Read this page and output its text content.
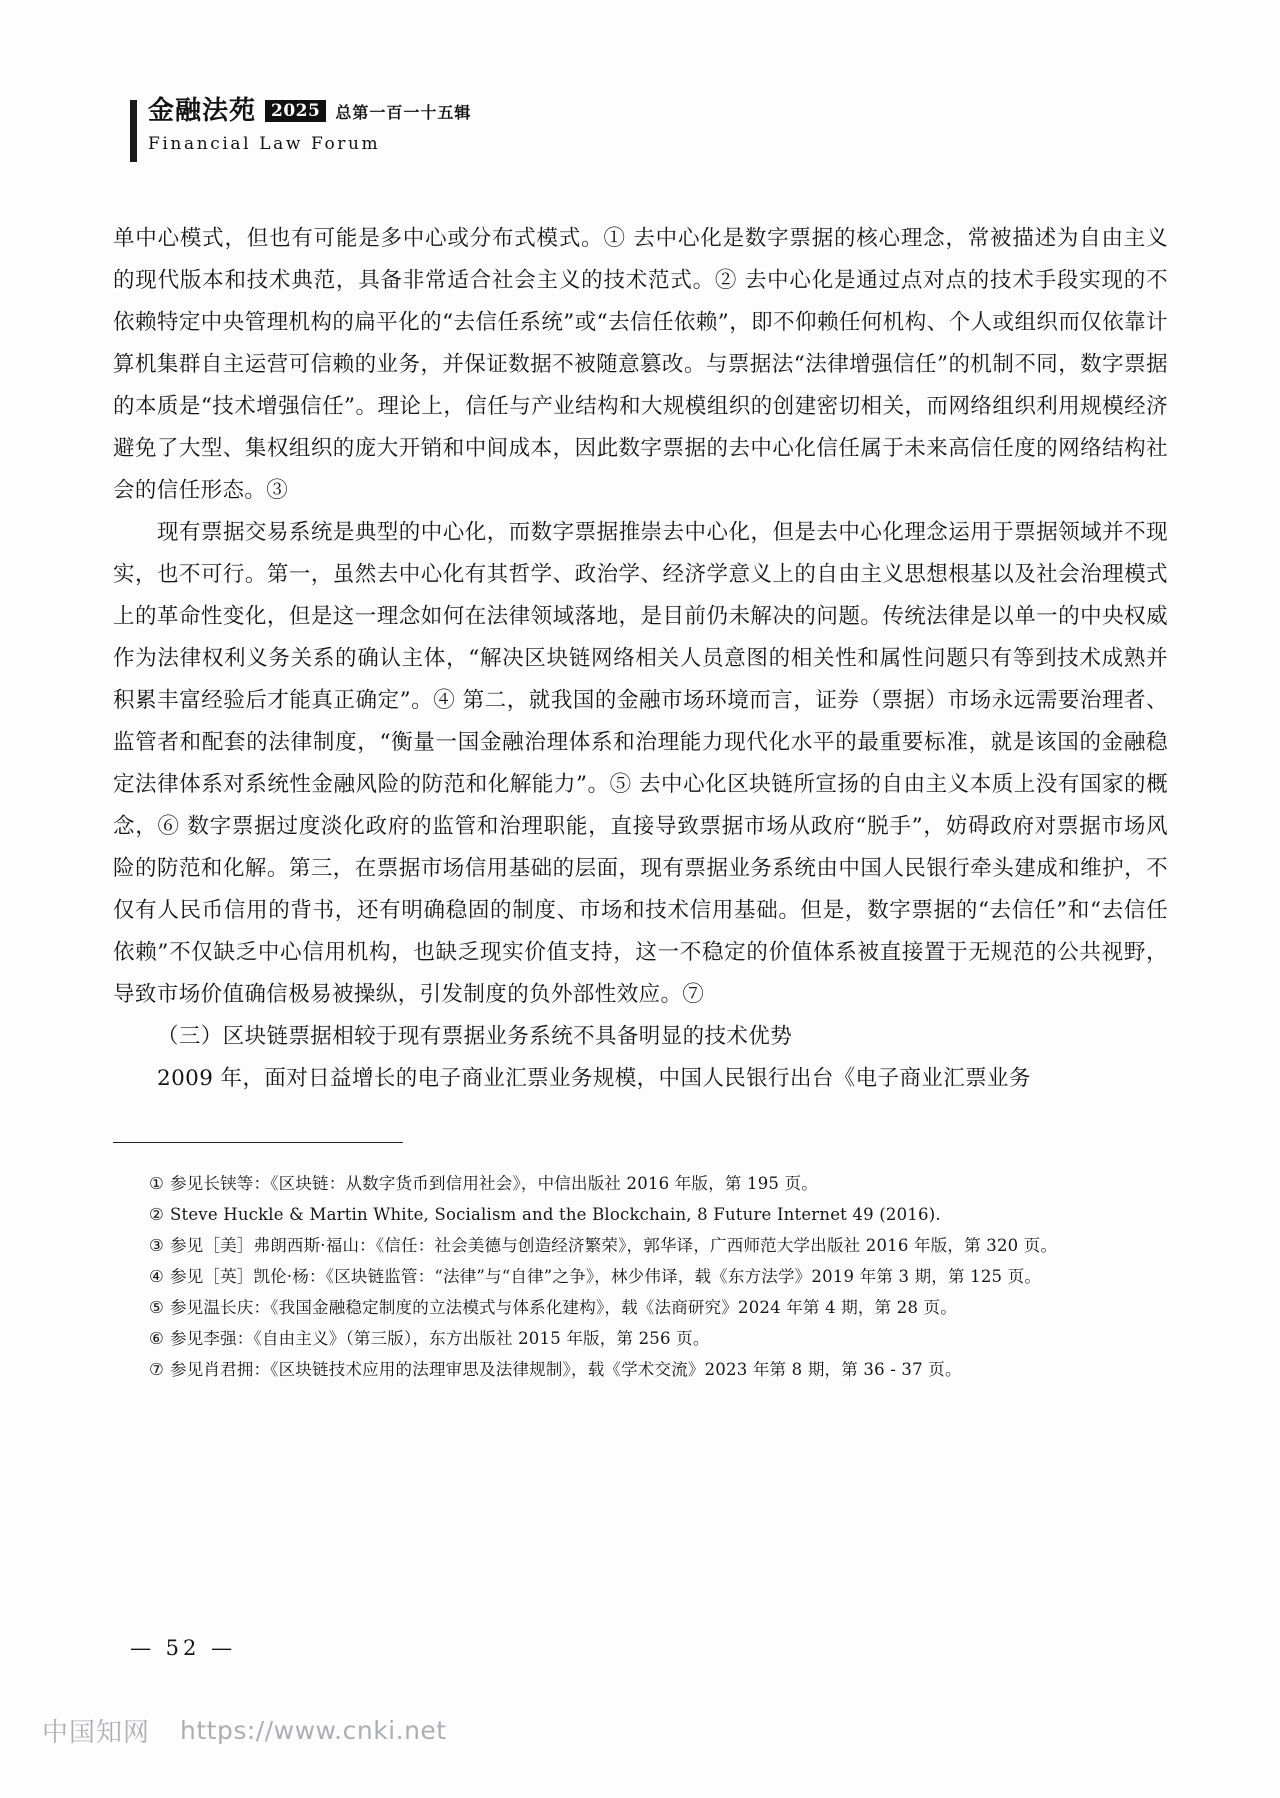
金融法苑 2025 总第一百一十五辑
Financial Law Forum

单中心模式，但也有可能是多中心或分布式模式。① 去中心化是数字票据的核心理念，常被描述为自由主义的现代版本和技术典范，具备非常适合社会主义的技术范式。② 去中心化是通过点对点的技术手段实现的不依赖特定中央管理机构的扁平化的“去信任系统”或“去信任依赖”，即不仰赖任何机构、个人或组织而仅依靠计算机集群自主运营可信赖的业务，并保证数据不被随意篡改。与票据法“法律增强信任”的机制不同，数字票据的本质是“技术增强信任”。理论上，信任与产业结构和大规模组织的创建密切相关，而网络组织利用规模经济避免了大型、集权组织的庞大开销和中间成本，因此数字票据的去中心化信任属于未来高信任度的网络结构社会的信任形态。③

现有票据交易系统是典型的中心化，而数字票据推崇去中心化，但是去中心化理念运用于票据领域并不现实，也不可行。第一，虽然去中心化有其哲学、政治学、经济学意义上的自由主义思想根基以及社会治理模式上的革命性变化，但是这一理念如何在法律领域落地，是目前仍未解决的问题。传统法律是以单一的中央权威作为法律权利义务关系的确认主体，“解决区块链网络相关人员意图的相关性和属性问题只有等到技术成熟并积累丰富经验后才能真正确定”。④ 第二，就我国的金融市场环境而言，证券（票据）市场永远需要治理者、监管者和配套的法律制度，“衡量一国金融治理体系和治理能力现代化水平的最重要标准，就是该国的金融稳定法律体系对系统性金融风险的防范和化解能力”。⑤ 去中心化区块链所宣扬的自由主义本质上没有国家的概念，⑥ 数字票据过度淡化政府的监管和治理职能，直接导致票据市场从政府“脱手”，妨碍政府对票据市场风险的防范和化解。第三，在票据市场信用基础的层面，现有票据业务系统由中国人民银行牵头建成和维护，不仅有人民币信用的背书，还有明确稳固的制度、市场和技术信用基础。但是，数字票据的“去信任”和“去信任依赖”不仅缺乏中心信用机构，也缺乏现实价值支持，这一不稳定的价值体系被直接置于无规范的公共视野，导致市场价值确信极易被操纵，引发制度的负外部性效应。⑦

（三）区块链票据相较于现有票据业务系统不具备明显的技术优势

2009 年，面对日益增长的电子商业汇票业务规模，中国人民银行出台《电子商业汇票业务

① 参见长铗等：《区块链：从数字货币到信用社会》，中信出版社 2016 年版，第 195 页。
② Steve Huckle & Martin White, Socialism and the Blockchain, 8 Future Internet 49 (2016).
③ 参见［美］弗朗西斯·福山：《信任：社会美德与创造经济繁荣》，郭华译，广西师范大学出版社 2016 年版，第 320 页。
④ 参见［英］凯伦·杨：《区块链监管：“法律”与“自律”之争》，林少伟译，载《东方法学》2019 年第 3 期，第 125 页。
⑤ 参见温长庆：《我国金融稳定制度的立法模式与体系化建构》，载《法商研究》2024 年第 4 期，第 28 页。
⑥ 参见李强：《自由主义》（第三版），东方出版社 2015 年版，第 256 页。
⑦ 参见肖君拥：《区块链技术应用的法理审思及法律规制》，载《学术交流》2023 年第 8 期，第 36 - 37 页。
— 52 —
中国知网 https://www.cnki.net
